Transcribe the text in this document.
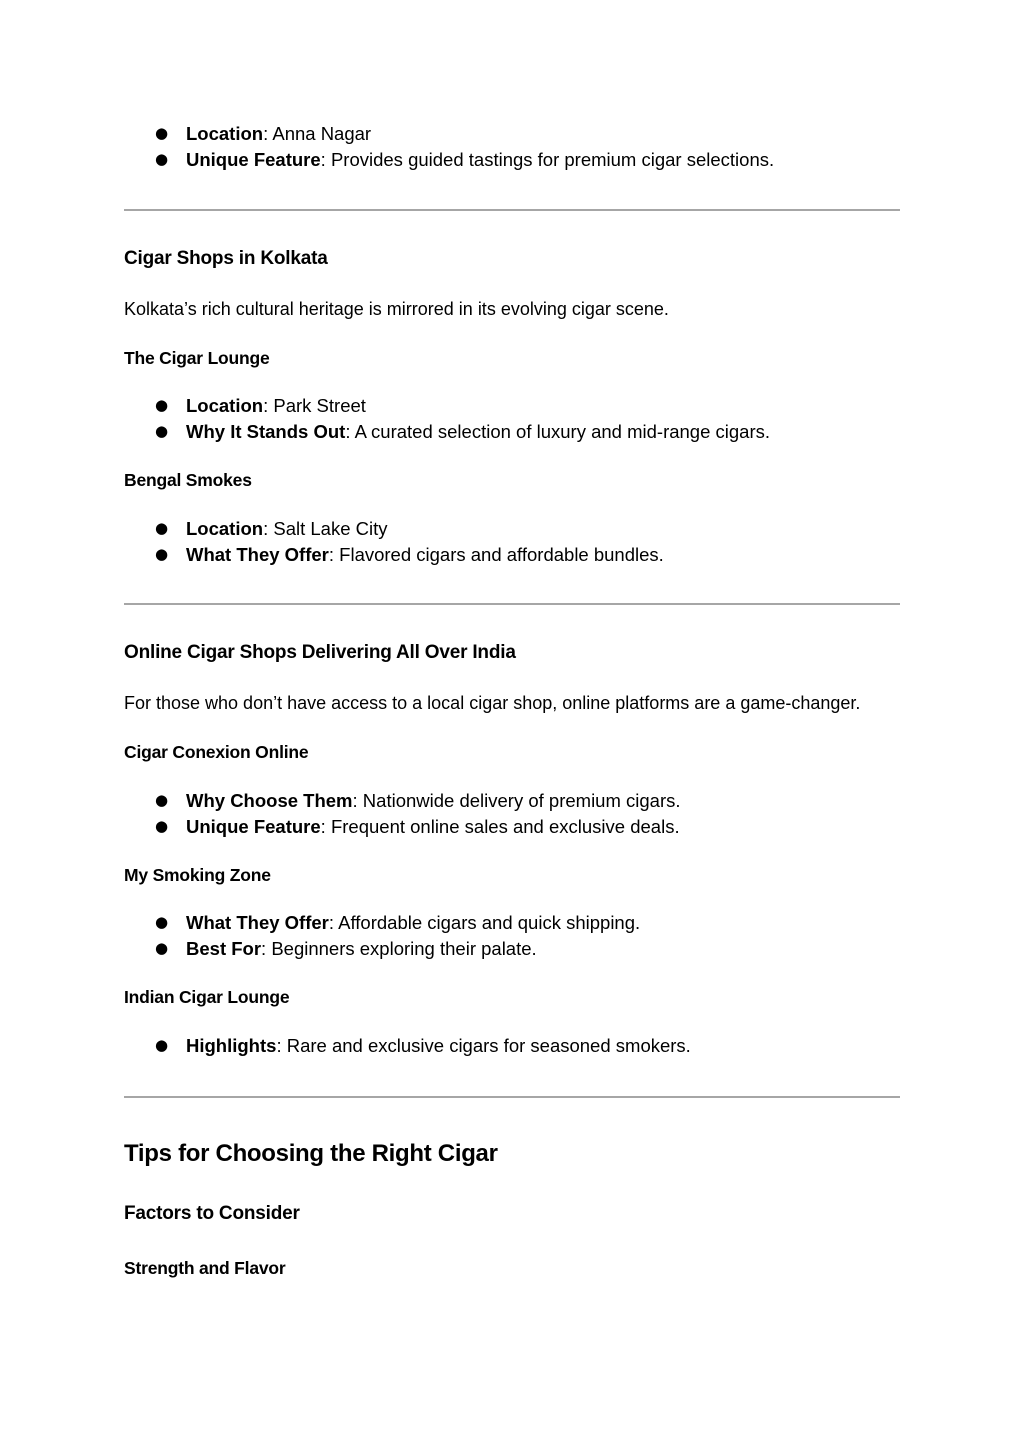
● Location: Anna Nagar
● Unique Feature: Provides guided tastings for premium cigar selections.
Cigar Shops in Kolkata

Kolkata’s rich cultural heritage is mirrored in its evolving cigar scene.

The Cigar Lounge
● Location: Park Street
● Why It Stands Out: A curated selection of luxury and mid-range cigars.
Bengal Smokes
● Location: Salt Lake City
● What They Offer: Flavored cigars and affordable bundles.
Online Cigar Shops Delivering All Over India

For those who don’t have access to a local cigar shop, online platforms are a game-changer.

Cigar Conexion Online
● Why Choose Them: Nationwide delivery of premium cigars.
● Unique Feature: Frequent online sales and exclusive deals.
My Smoking Zone
● What They Offer: Affordable cigars and quick shipping.
● Best For: Beginners exploring their palate.
Indian Cigar Lounge
● Highlights: Rare and exclusive cigars for seasoned smokers.
Tips for Choosing the Right Cigar
Factors to Consider
Strength and Flavor
